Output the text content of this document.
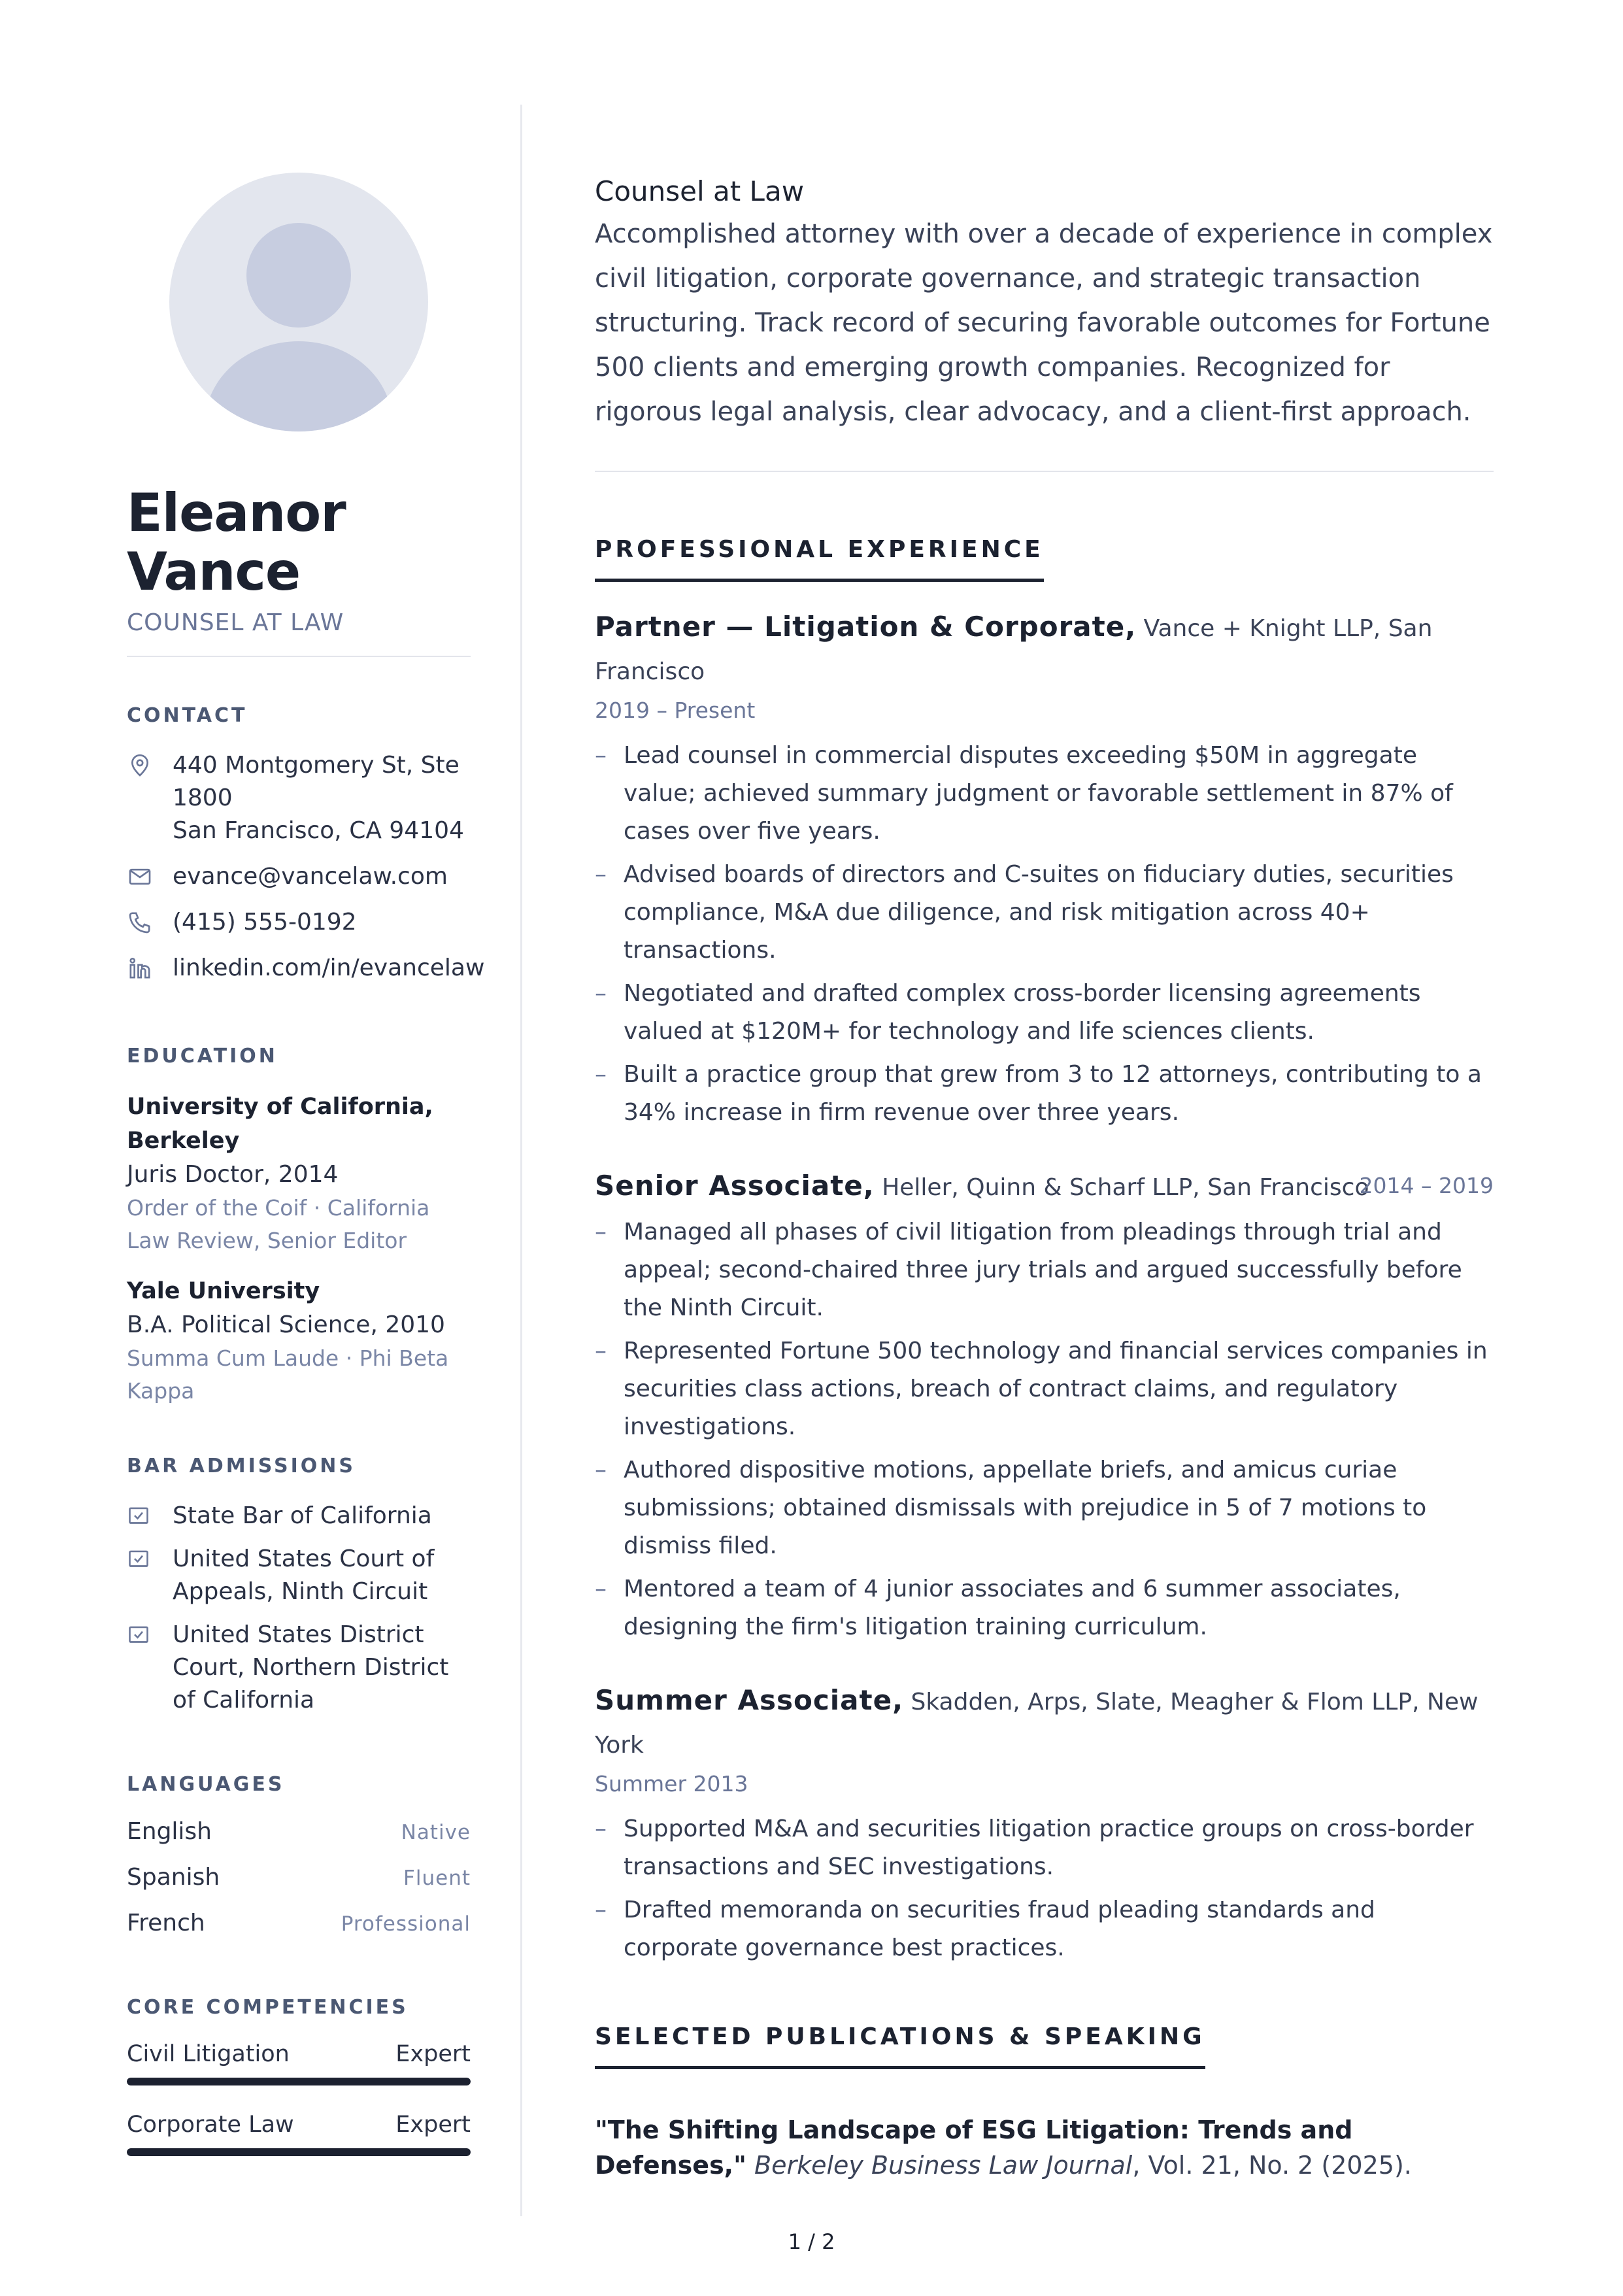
Eleanor
Vance
COUNSEL AT LAW
CONTACT
440 Montgomery St, Ste 1800
San Francisco, CA 94104
evance@vancelaw.com
(415) 555-0192
linkedin.com/in/evancelaw
EDUCATION
University of California, Berkeley
Juris Doctor, 2014
Order of the Coif · California Law Review, Senior Editor
Yale University
B.A. Political Science, 2010
Summa Cum Laude · Phi Beta Kappa
BAR ADMISSIONS
State Bar of California
United States Court of Appeals, Ninth Circuit
United States District Court, Northern District of California
LANGUAGES
English	Native
Spanish	Fluent
French	Professional
CORE COMPETENCIES
Civil Litigation	Expert
Corporate Law	Expert
Counsel at Law
Accomplished attorney with over a decade of experience in complex civil litigation, corporate governance, and strategic transaction structuring. Track record of securing favorable outcomes for Fortune 500 clients and emerging growth companies. Recognized for rigorous legal analysis, clear advocacy, and a client-first approach.
PROFESSIONAL EXPERIENCE
Partner — Litigation & Corporate, Vance + Knight LLP, San Francisco
2019 – Present
– Lead counsel in commercial disputes exceeding $50M in aggregate value; achieved summary judgment or favorable settlement in 87% of cases over five years.
– Advised boards of directors and C-suites on fiduciary duties, securities compliance, M&A due diligence, and risk mitigation across 40+ transactions.
– Negotiated and drafted complex cross-border licensing agreements valued at $120M+ for technology and life sciences clients.
– Built a practice group that grew from 3 to 12 attorneys, contributing to a 34% increase in firm revenue over three years.
Senior Associate, Heller, Quinn & Scharf LLP, San Francisco
2014 – 2019
– Managed all phases of civil litigation from pleadings through trial and appeal; second-chaired three jury trials and argued successfully before the Ninth Circuit.
– Represented Fortune 500 technology and financial services companies in securities class actions, breach of contract claims, and regulatory investigations.
– Authored dispositive motions, appellate briefs, and amicus curiae submissions; obtained dismissals with prejudice in 5 of 7 motions to dismiss filed.
– Mentored a team of 4 junior associates and 6 summer associates, designing the firm's litigation training curriculum.
Summer Associate, Skadden, Arps, Slate, Meagher & Flom LLP, New York
Summer 2013
– Supported M&A and securities litigation practice groups on cross-border transactions and SEC investigations.
– Drafted memoranda on securities fraud pleading standards and corporate governance best practices.
SELECTED PUBLICATIONS & SPEAKING
"The Shifting Landscape of ESG Litigation: Trends and Defenses," Berkeley Business Law Journal, Vol. 21, No. 2 (2025).
1 / 2
